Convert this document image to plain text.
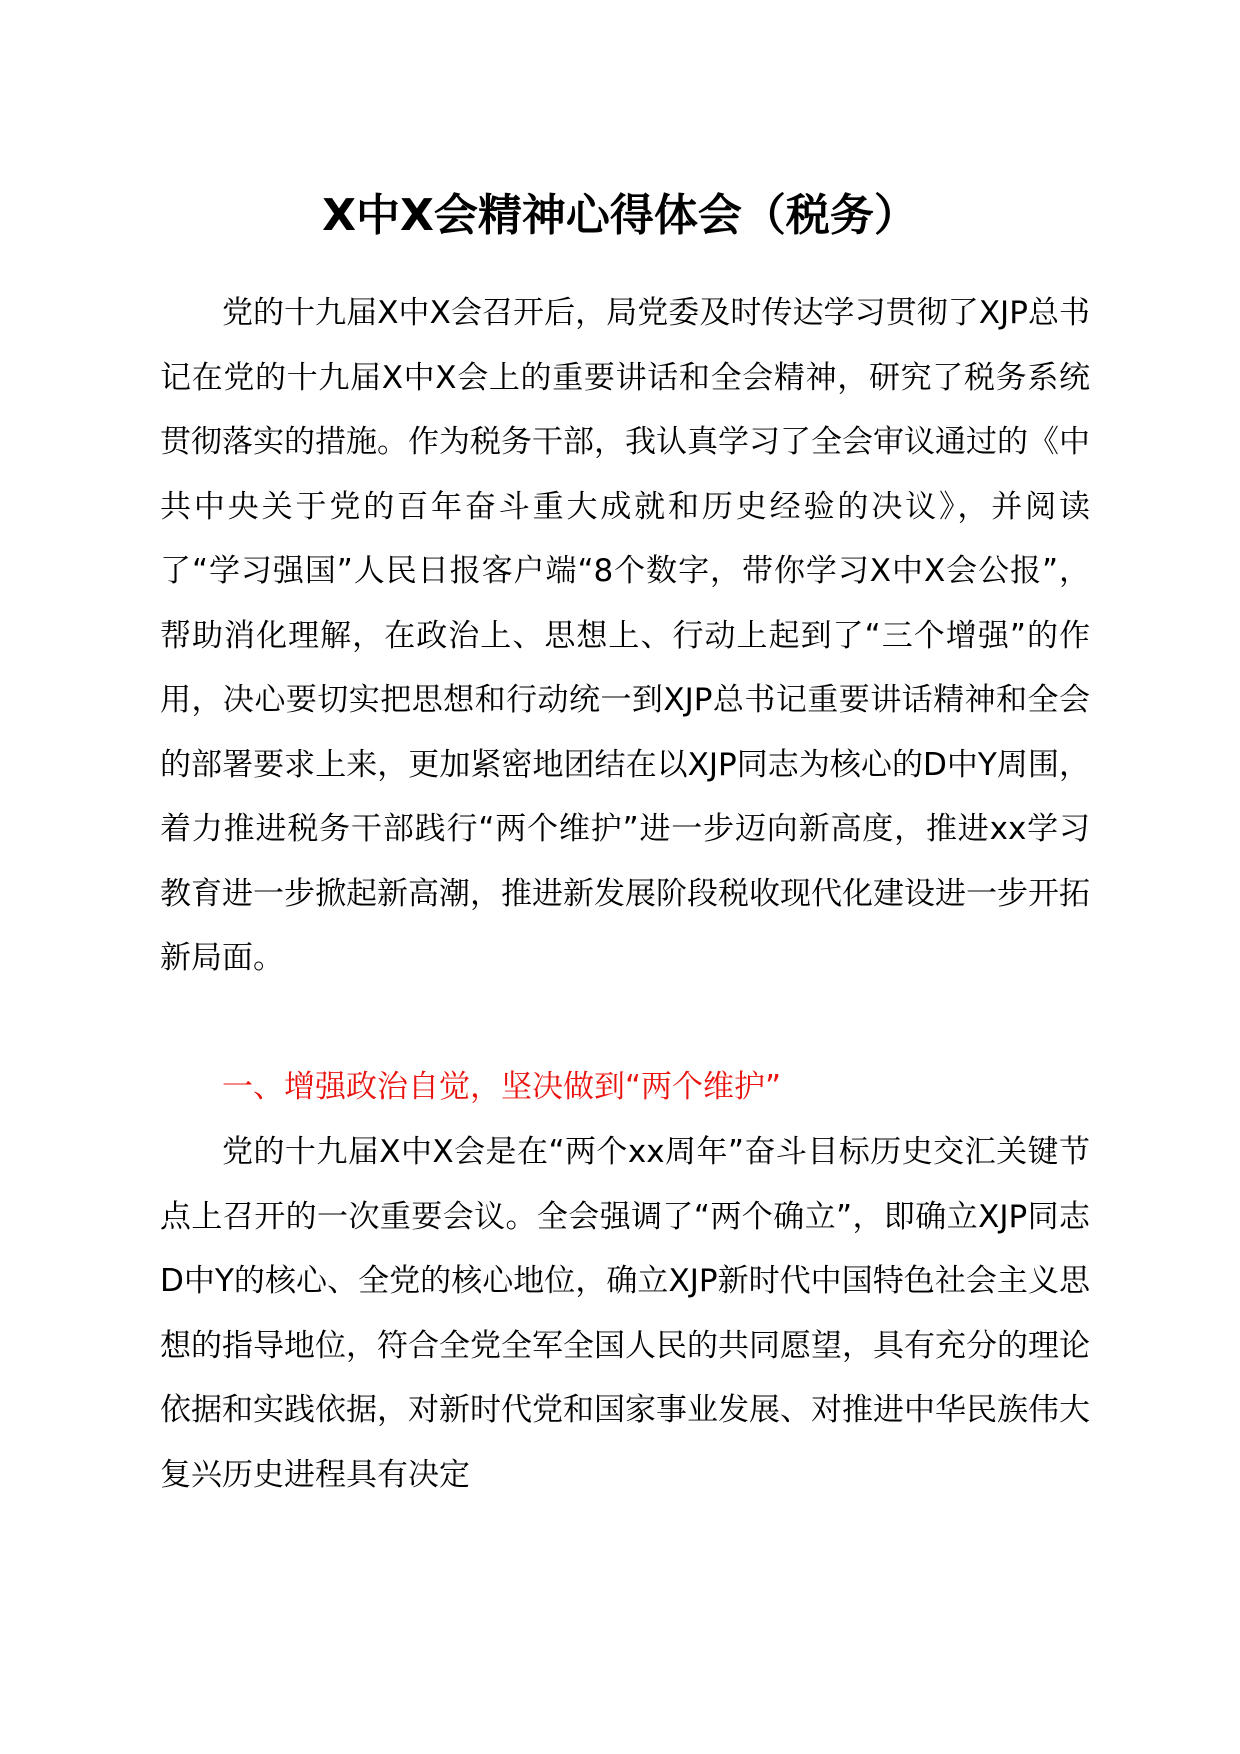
X中X会精神心得体会（税务）

党的十九届X中X会召开后，局党委及时传达学习贯彻了XJP总书记在党的十九届X中X会上的重要讲话和全会精神，研究了税务系统贯彻落实的措施。作为税务干部，我认真学习了全会审议通过的《中共中央关于党的百年奋斗重大成就和历史经验的决议》，并阅读了“学习强国”人民日报客户端“8个数字，带你学习X中X会公报”，帮助消化理解，在政治上、思想上、行动上起到了“三个增强”的作用，决心要切实把思想和行动统一到XJP总书记重要讲话精神和全会的部署要求上来，更加紧密地团结在以XJP同志为核心的D中Y周围，着力推进税务干部践行“两个维护”进一步迈向新高度，推进xx学习教育进一步掀起新高潮，推进新发展阶段税收现代化建设进一步开拓新局面。

一、增强政治自觉，坚决做到“两个维护”

党的十九届X中X会是在“两个xx周年”奋斗目标历史交汇关键节点上召开的一次重要会议。全会强调了“两个确立”，即确立XJP同志D中Y的核心、全党的核心地位，确立XJP新时代中国特色社会主义思想的指导地位，符合全党全军全国人民的共同愿望，具有充分的理论依据和实践依据，对新时代党和国家事业发展、对推进中华民族伟大复兴历史进程具有决定
